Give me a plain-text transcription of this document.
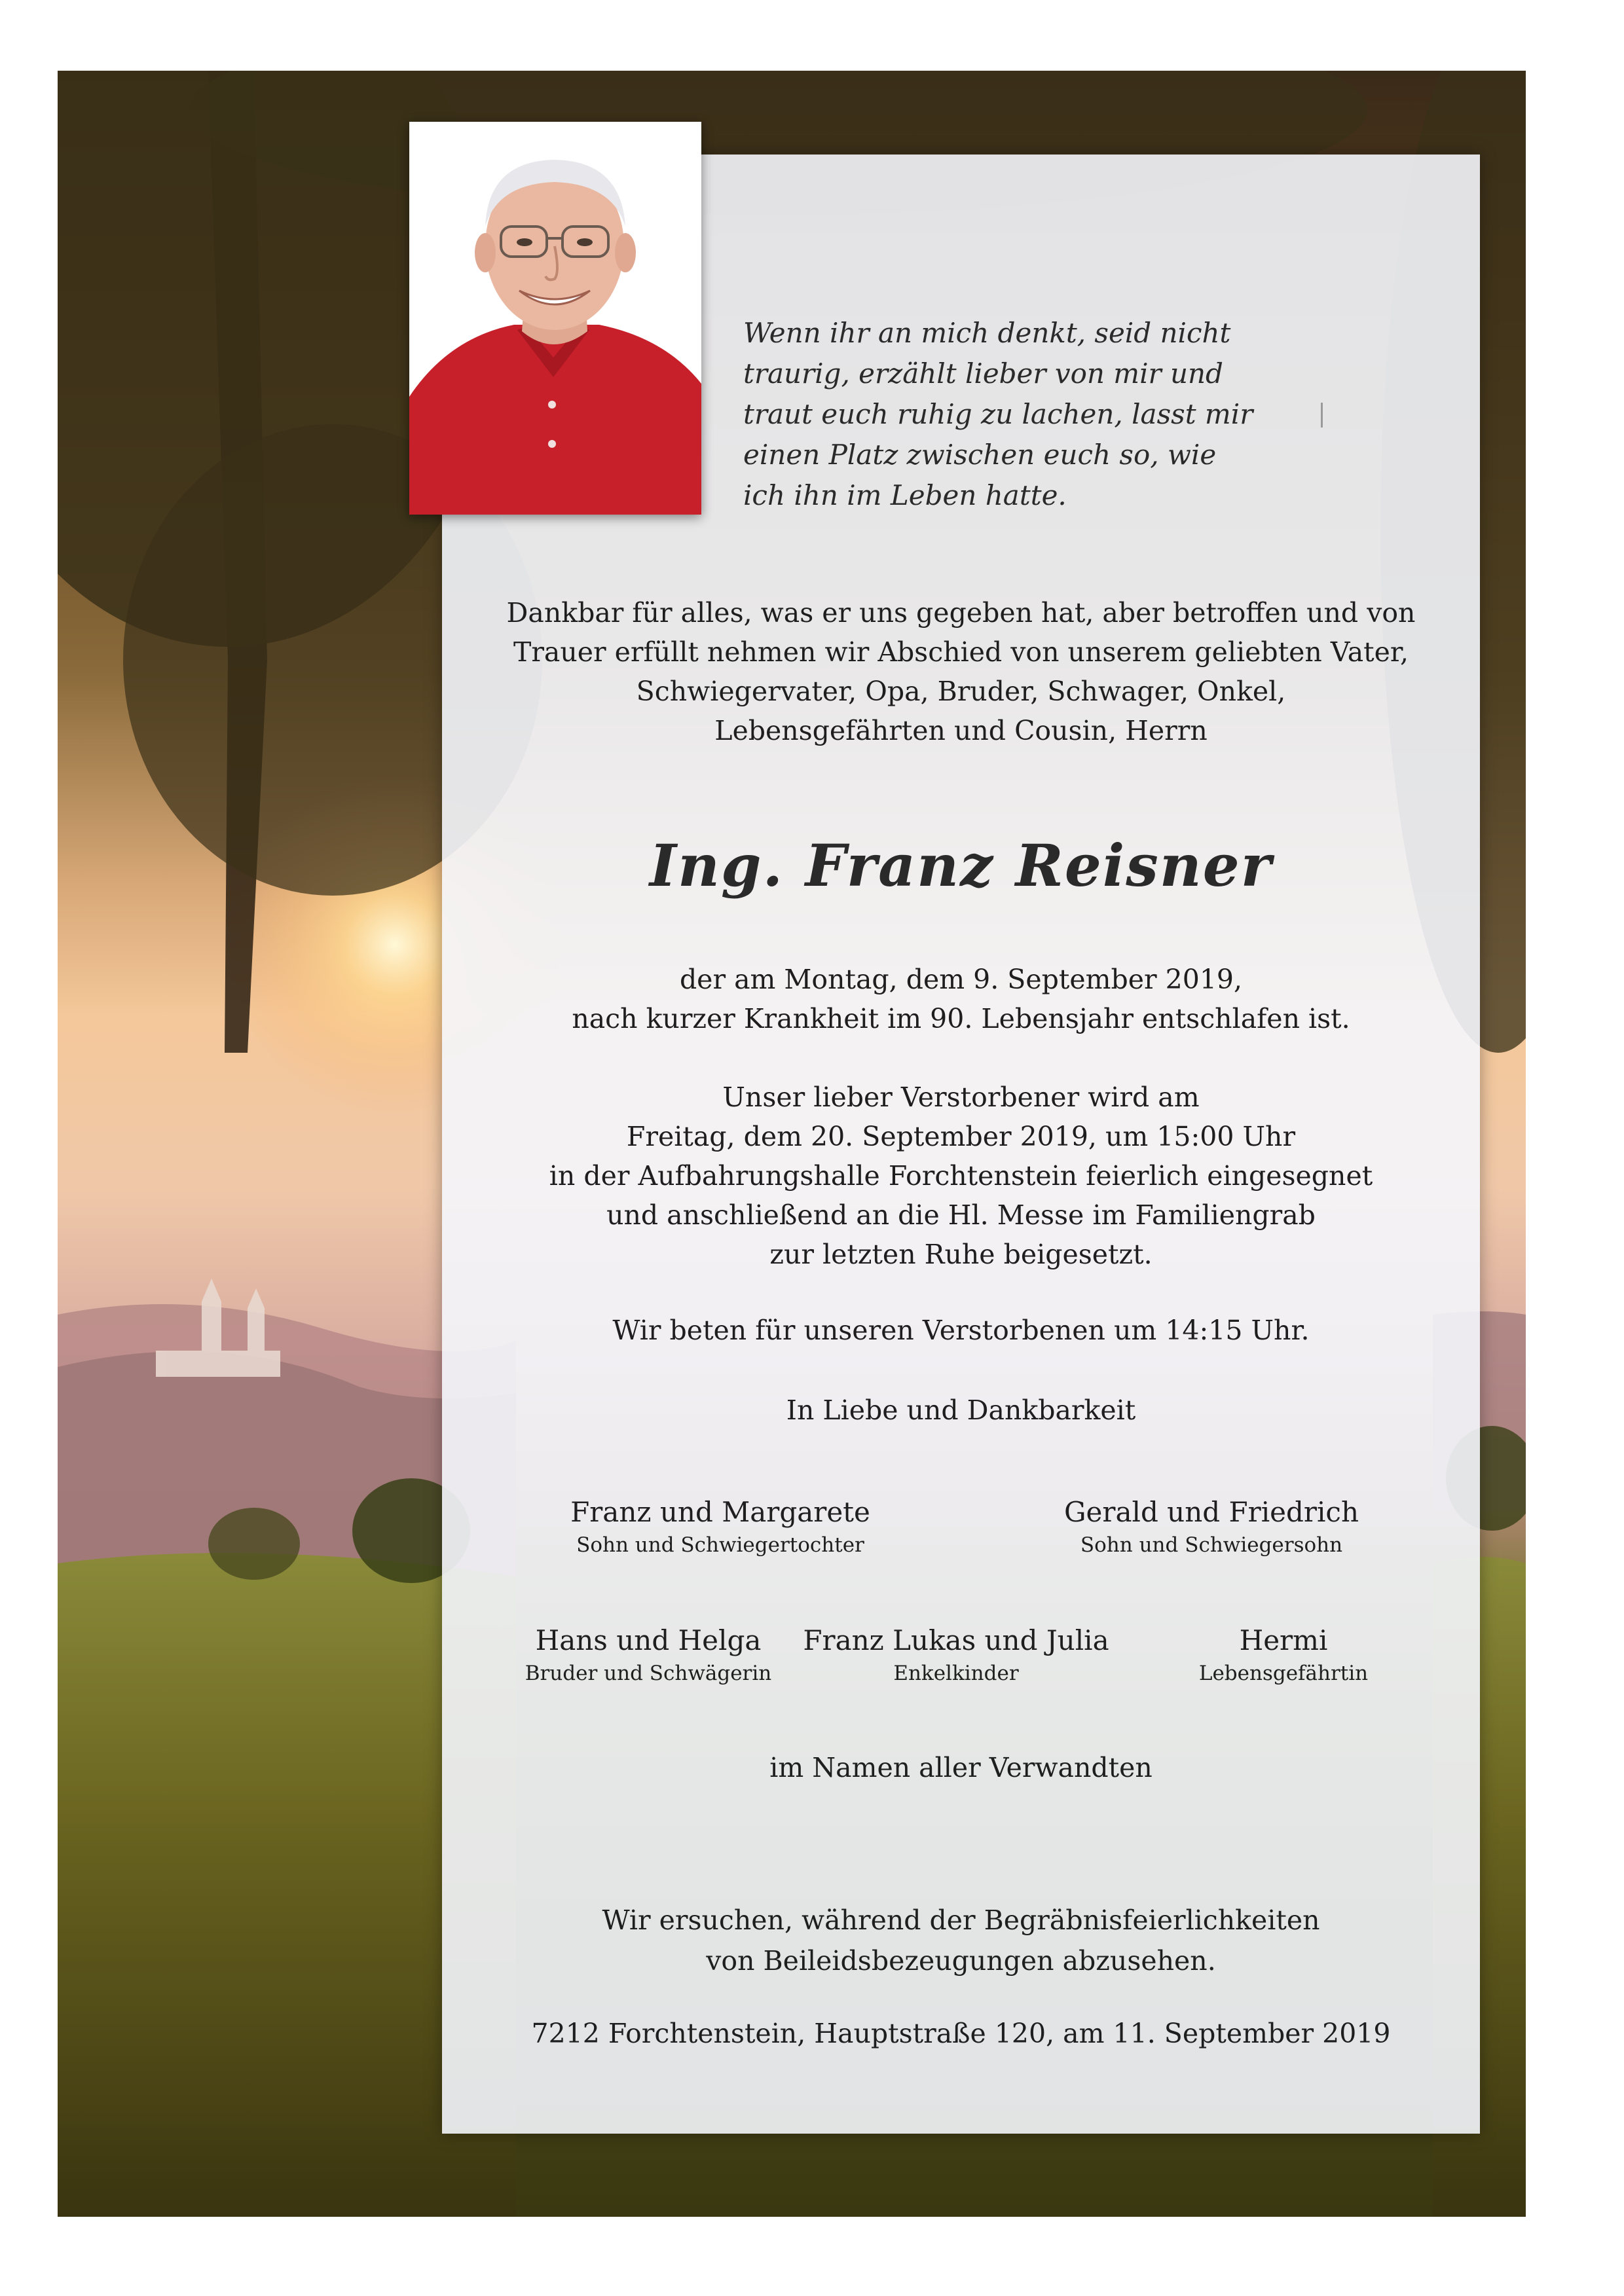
Wenn ihr an mich denkt, seid nicht
traurig, erzählt lieber von mir und
traut euch ruhig zu lachen, lasst mir
einen Platz zwischen euch so, wie
ich ihn im Leben hatte.
Dankbar für alles, was er uns gegeben hat, aber betroffen und von
Trauer erfüllt nehmen wir Abschied von unserem geliebten Vater,
Schwiegervater, Opa, Bruder, Schwager, Onkel,
Lebensgefährten und Cousin, Herrn
Ing. Franz Reisner
der am Montag, dem 9. September 2019,
nach kurzer Krankheit im 90. Lebensjahr entschlafen ist.
Unser lieber Verstorbener wird am
Freitag, dem 20. September 2019, um 15:00 Uhr
in der Aufbahrungshalle Forchtenstein feierlich eingesegnet
und anschließend an die Hl. Messe im Familiengrab
zur letzten Ruhe beigesetzt.
Wir beten für unseren Verstorbenen um 14:15 Uhr.
In Liebe und Dankbarkeit
Franz und Margarete
Sohn und Schwiegertochter
Gerald und Friedrich
Sohn und Schwiegersohn
Hans und Helga
Bruder und Schwägerin
Franz Lukas und Julia
Enkelkinder
Hermi
Lebensgefährtin
im Namen aller Verwandten
Wir ersuchen, während der Begräbnisfeierlichkeiten
von Beileidsbezeugungen abzusehen.
7212 Forchtenstein, Hauptstraße 120, am 11. September 2019
